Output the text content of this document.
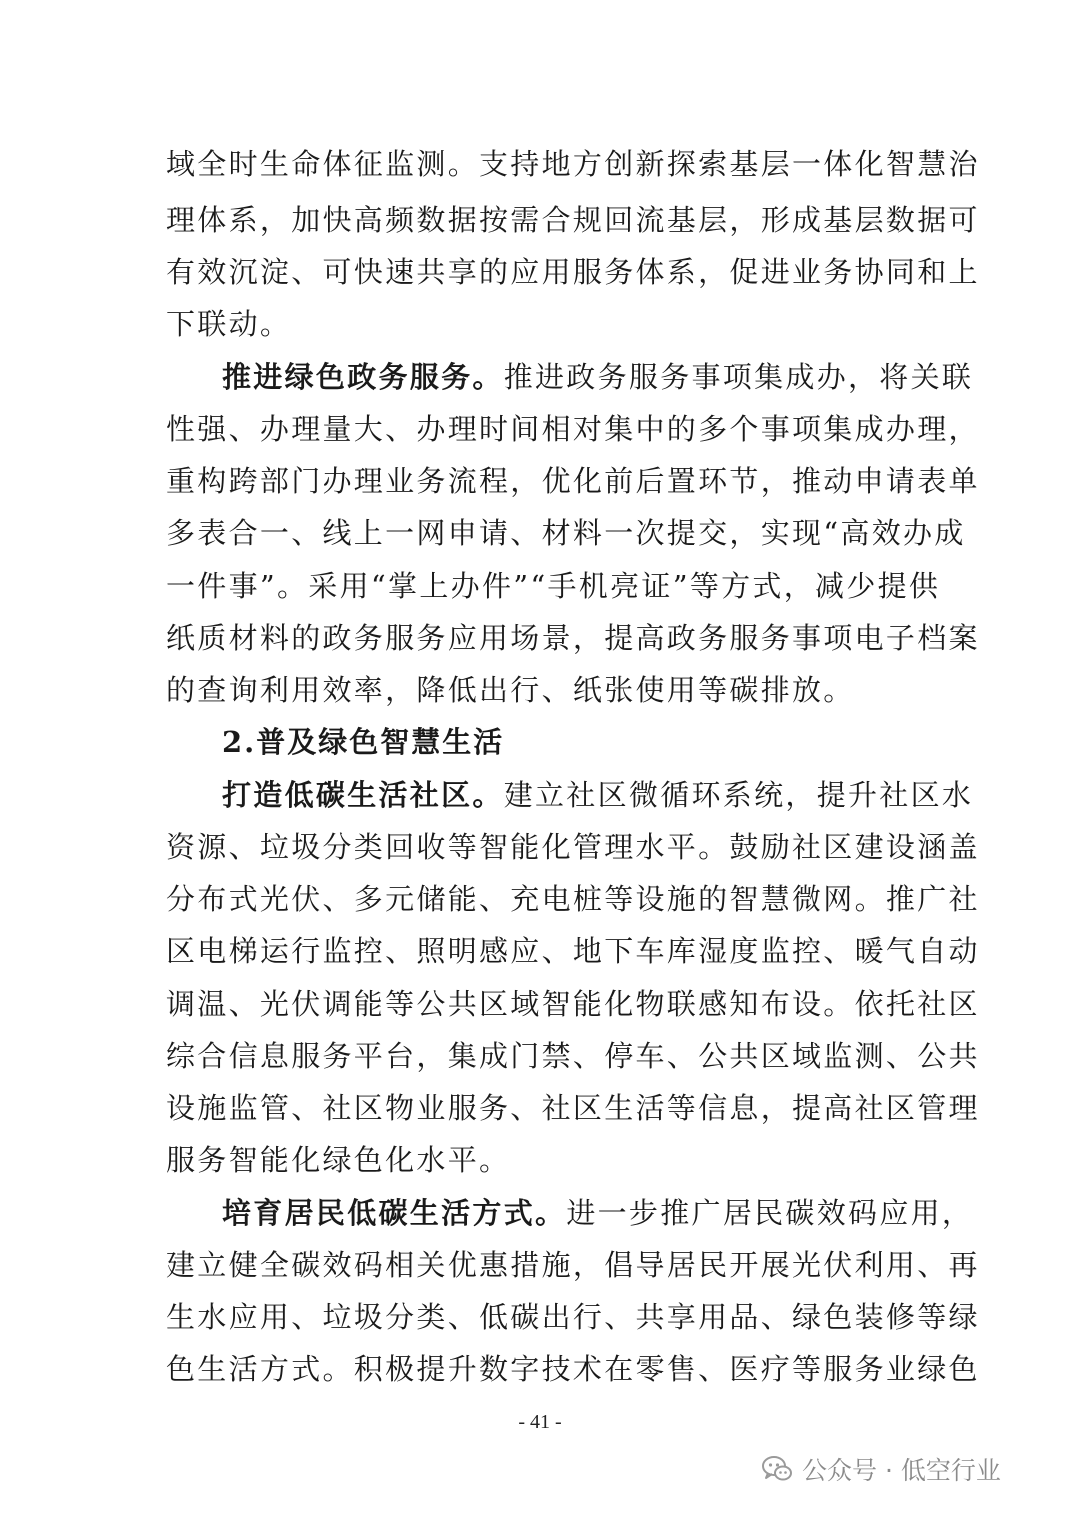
域全时生命体征监测。支持地方创新探索基层一体化智慧治
理体系，加快高频数据按需合规回流基层，形成基层数据可
有效沉淀、可快速共享的应用服务体系，促进业务协同和上
下联动。
推进绿色政务服务。推进政务服务事项集成办，将关联
性强、办理量大、办理时间相对集中的多个事项集成办理，
重构跨部门办理业务流程，优化前后置环节，推动申请表单
多表合一、线上一网申请、材料一次提交，实现“高效办成
一件事”。采用“掌上办件”“手机亮证”等方式，减少提供
纸质材料的政务服务应用场景，提高政务服务事项电子档案
的查询利用效率，降低出行、纸张使用等碳排放。
2.普及绿色智慧生活
打造低碳生活社区。建立社区微循环系统，提升社区水
资源、垃圾分类回收等智能化管理水平。鼓励社区建设涵盖
分布式光伏、多元储能、充电桩等设施的智慧微网。推广社
区电梯运行监控、照明感应、地下车库湿度监控、暖气自动
调温、光伏调能等公共区域智能化物联感知布设。依托社区
综合信息服务平台，集成门禁、停车、公共区域监测、公共
设施监管、社区物业服务、社区生活等信息，提高社区管理
服务智能化绿色化水平。
培育居民低碳生活方式。进一步推广居民碳效码应用，
建立健全碳效码相关优惠措施，倡导居民开展光伏利用、再
生水应用、垃圾分类、低碳出行、共享用品、绿色装修等绿
色生活方式。积极提升数字技术在零售、医疗等服务业绿色
- 41 -
公众号 · 低空行业
